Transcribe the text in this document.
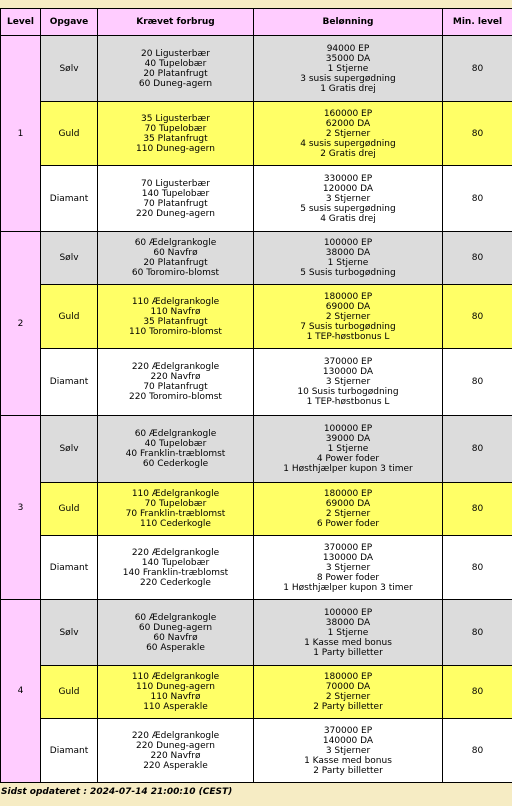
Level	Opgave	Krævet forbrug	Belønning	Min. level
1	Sølv	20 Ligusterbær
40 Tupelobær
20 Platanfrugt
60 Duneg-agern	94000 EP
35000 DA
1 Stjerne
3 susis supergødning
1 Gratis drej	80
	Guld	35 Ligusterbær
70 Tupelobær
35 Platanfrugt
110 Duneg-agern	160000 EP
62000 DA
2 Stjerner
4 susis supergødning
2 Gratis drej	80
	Diamant	70 Ligusterbær
140 Tupelobær
70 Platanfrugt
220 Duneg-agern	330000 EP
120000 DA
3 Stjerner
5 susis supergødning
4 Gratis drej	80
2	Sølv	60 Ædelgrankogle
60 Navfrø
20 Platanfrugt
60 Toromiro-blomst	100000 EP
38000 DA
1 Stjerne
5 Susis turbogødning	80
	Guld	110 Ædelgrankogle
110 Navfrø
35 Platanfrugt
110 Toromiro-blomst	180000 EP
69000 DA
2 Stjerner
7 Susis turbogødning
1 TEP-høstbonus L	80
	Diamant	220 Ædelgrankogle
220 Navfrø
70 Platanfrugt
220 Toromiro-blomst	370000 EP
130000 DA
3 Stjerner
10 Susis turbogødning
1 TEP-høstbonus L	80
3	Sølv	60 Ædelgrankogle
40 Tupelobær
40 Franklin-træblomst
60 Cederkogle	100000 EP
39000 DA
1 Stjerne
4 Power foder
1 Høsthjælper kupon 3 timer	80
	Guld	110 Ædelgrankogle
70 Tupelobær
70 Franklin-træblomst
110 Cederkogle	180000 EP
69000 DA
2 Stjerner
6 Power foder	80
	Diamant	220 Ædelgrankogle
140 Tupelobær
140 Franklin-træblomst
220 Cederkogle	370000 EP
130000 DA
3 Stjerner
8 Power foder
1 Høsthjælper kupon 3 timer	80
4	Sølv	60 Ædelgrankogle
60 Duneg-agern
60 Navfrø
60 Asperakle	100000 EP
38000 DA
1 Stjerne
1 Kasse med bonus
1 Party billetter	80
	Guld	110 Ædelgrankogle
110 Duneg-agern
110 Navfrø
110 Asperakle	180000 EP
70000 DA
2 Stjerner
2 Party billetter	80
	Diamant	220 Ædelgrankogle
220 Duneg-agern
220 Navfrø
220 Asperakle	370000 EP
140000 DA
3 Stjerner
1 Kasse med bonus
2 Party billetter	80
Sidst opdateret : 2024-07-14 21:00:10 (CEST)
